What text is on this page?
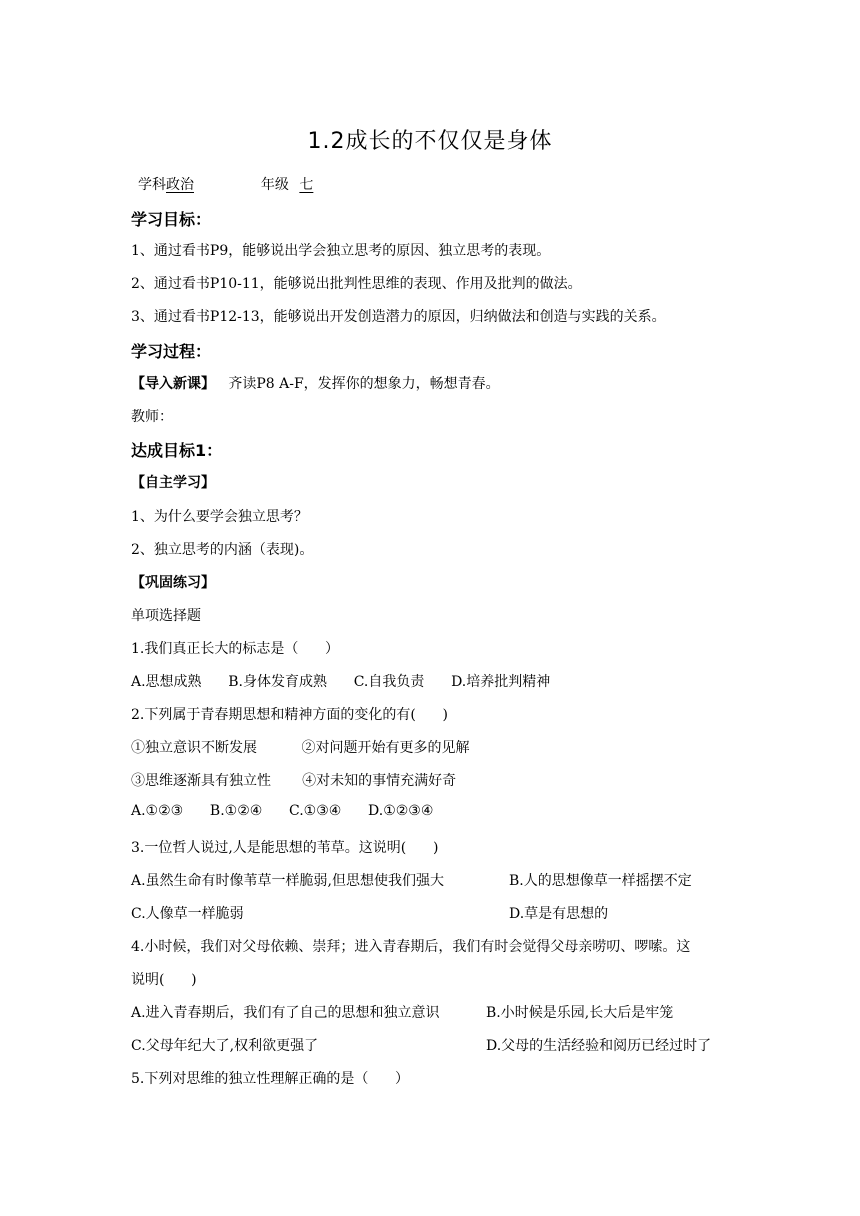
1.2成长的不仅仅是身体
学科政治	年级 七
学习目标：
1、通过看书P9，能够说出学会独立思考的原因、独立思考的表现。
2、通过看书P10-11，能够说出批判性思维的表现、作用及批判的做法。
3、通过看书P12-13，能够说出开发创造潜力的原因，归纳做法和创造与实践的关系。
学习过程：
【导入新课】   齐读P8 A-F，发挥你的想象力，畅想青春。
教师：
达成目标1：
【自主学习】
1、为什么要学会独立思考？
2、独立思考的内涵（表现)。
【巩固练习】
单项选择题
1.我们真正长大的标志是（      ）
A.思想成熟      B.身体发育成熟      C.自我负责      D.培养批判精神
2.下列属于青春期思想和精神方面的变化的有(      )
①独立意识不断发展          ②对问题开始有更多的见解
③思维逐渐具有独立性       ④对未知的事情充满好奇
A.①②③      B.①②④      C.①③④      D.①②③④
3.一位哲人说过,人是能思想的苇草。这说明(      )
A.虽然生命有时像苇草一样脆弱,但思想使我们强大	B.人的思想像草一样摇摆不定
C.人像草一样脆弱	D.草是有思想的
4.小时候，我们对父母依赖、崇拜；进入青春期后，我们有时会觉得父母亲唠叨、啰嗦。这
说明(      )
A.进入青春期后，我们有了自己的思想和独立意识	B.小时候是乐园,长大后是牢笼
C.父母年纪大了,权利欲更强了	D.父母的生活经验和阅历已经过时了
5.下列对思维的独立性理解正确的是（      ）
